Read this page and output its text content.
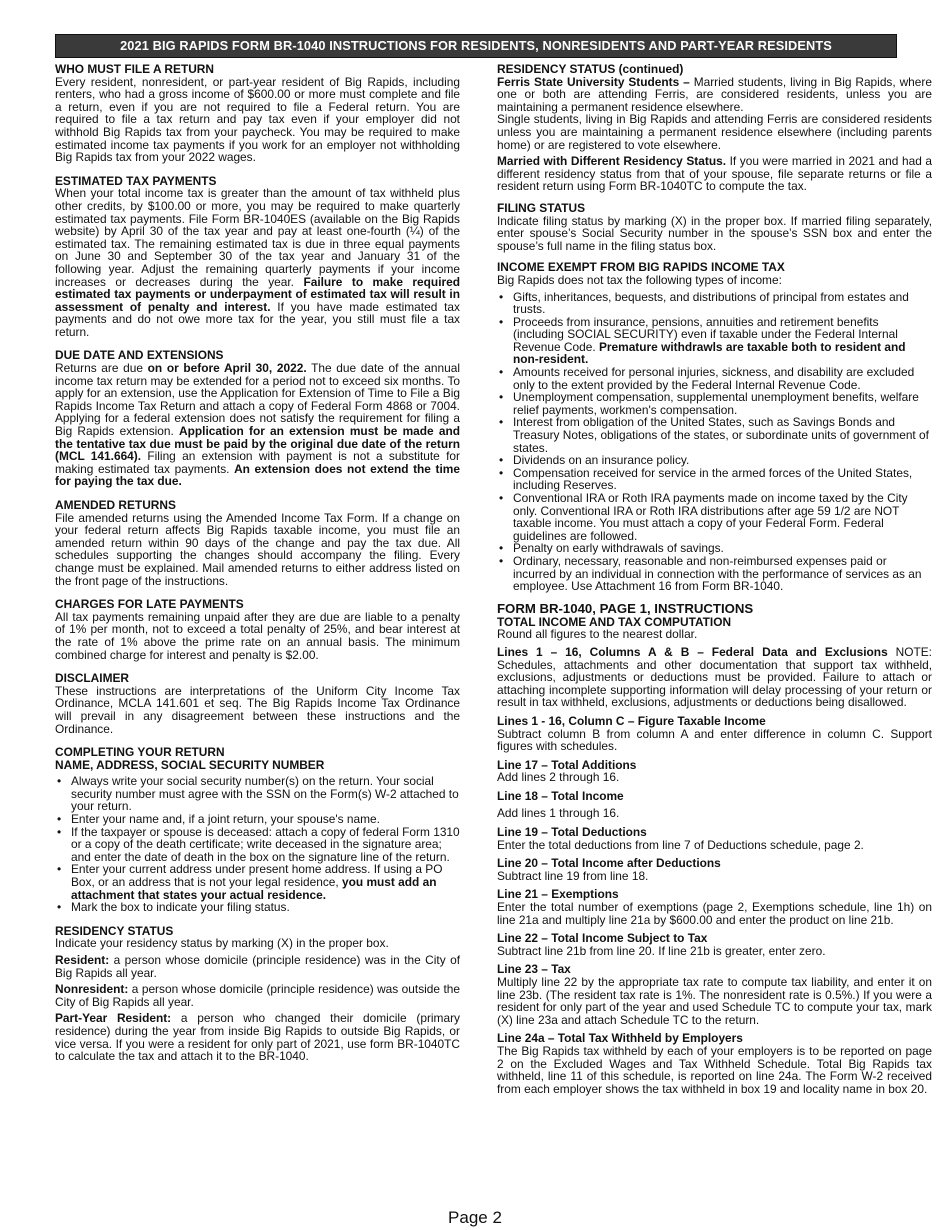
2021 BIG RAPIDS FORM BR-1040 INSTRUCTIONS FOR RESIDENTS, NONRESIDENTS AND PART-YEAR RESIDENTS
WHO MUST FILE A RETURN

Every resident, nonresident, or part-year resident of Big Rapids, including renters, who had a gross income of $600.00 or more must complete and file a return, even if you are not required to file a Federal return. You are required to file a tax return and pay tax even if your employer did not withhold Big Rapids tax from your paycheck. You may be required to make estimated income tax payments if you work for an employer not withholding Big Rapids tax from your 2022 wages.

ESTIMATED TAX PAYMENTS

When your total income tax is greater than the amount of tax withheld plus other credits, by $100.00 or more, you may be required to make quarterly estimated tax payments. File Form BR-1040ES (available on the Big Rapids website) by April 30 of the tax year and pay at least one-fourth (¼) of the estimated tax. The remaining estimated tax is due in three equal payments on June 30 and September 30 of the tax year and January 31 of the following year. Adjust the remaining quarterly payments if your income increases or decreases during the year. Failure to make required estimated tax payments or underpayment of estimated tax will result in assessment of penalty and interest. If you have made estimated tax payments and do not owe more tax for the year, you still must file a tax return.

DUE DATE AND EXTENSIONS

Returns are due on or before April 30, 2022. The due date of the annual income tax return may be extended for a period not to exceed six months. To apply for an extension, use the Application for Extension of Time to File a Big Rapids Income Tax Return and attach a copy of Federal Form 4868 or 7004. Applying for a federal extension does not satisfy the requirement for filing a Big Rapids extension. Application for an extension must be made and the tentative tax due must be paid by the original due date of the return (MCL 141.664). Filing an extension with payment is not a substitute for making estimated tax payments. An extension does not extend the time for paying the tax due.

AMENDED RETURNS

File amended returns using the Amended Income Tax Form. If a change on your federal return affects Big Rapids taxable income, you must file an amended return within 90 days of the change and pay the tax due. All schedules supporting the changes should accompany the filing. Every change must be explained. Mail amended returns to either address listed on the front page of the instructions.

CHARGES FOR LATE PAYMENTS

All tax payments remaining unpaid after they are due are liable to a penalty of 1% per month, not to exceed a total penalty of 25%, and bear interest at the rate of 1% above the prime rate on an annual basis. The minimum combined charge for interest and penalty is $2.00.

DISCLAIMER

These instructions are interpretations of the Uniform City Income Tax Ordinance, MCLA 141.601 et seq. The Big Rapids Income Tax Ordinance will prevail in any disagreement between these instructions and the Ordinance.

COMPLETING YOUR RETURN
NAME, ADDRESS, SOCIAL SECURITY NUMBER
• Always write your social security number(s) on the return. Your social security number must agree with the SSN on the Form(s) W-2 attached to your return.
• Enter your name and, if a joint return, your spouse's name.
• If the taxpayer or spouse is deceased: attach a copy of federal Form 1310 or a copy of the death certificate; write deceased in the signature area; and enter the date of death in the box on the signature line of the return.
• Enter your current address under present home address. If using a PO Box, or an address that is not your legal residence, you must add an attachment that states your actual residence.
• Mark the box to indicate your filing status.
RESIDENCY STATUS

Indicate your residency status by marking (X) in the proper box.

Resident: a person whose domicile (principle residence) was in the City of Big Rapids all year.

Nonresident: a person whose domicile (principle residence) was outside the City of Big Rapids all year.

Part-Year Resident: a person who changed their domicile (primary residence) during the year from inside Big Rapids to outside Big Rapids, or vice versa. If you were a resident for only part of 2021, use form BR-1040TC to calculate the tax and attach it to the BR-1040.

RESIDENCY STATUS (continued)

Ferris State University Students – Married students, living in Big Rapids, where one or both are attending Ferris, are considered residents, unless you are maintaining a permanent residence elsewhere.

Single students, living in Big Rapids and attending Ferris are considered residents unless you are maintaining a permanent residence elsewhere (including parents home) or are registered to vote elsewhere.

Married with Different Residency Status. If you were married in 2021 and had a different residency status from that of your spouse, file separate returns or file a resident return using Form BR-1040TC to compute the tax.

FILING STATUS

Indicate filing status by marking (X) in the proper box. If married filing separately, enter spouse’s Social Security number in the spouse’s SSN box and enter the spouse’s full name in the filing status box.

INCOME EXEMPT FROM BIG RAPIDS INCOME TAX

Big Rapids does not tax the following types of income:

• Gifts, inheritances, bequests, and distributions of principal from estates and trusts.
• Proceeds from insurance, pensions, annuities and retirement benefits (including SOCIAL SECURITY) even if taxable under the Federal Internal Revenue Code. Premature withdrawls are taxable both to resident and non-resident.
• Amounts received for personal injuries, sickness, and disability are excluded only to the extent provided by the Federal Internal Revenue Code.
• Unemployment compensation, supplemental unemployment benefits, welfare relief payments, workmen's compensation.
• Interest from obligation of the United States, such as Savings Bonds and Treasury Notes, obligations of the states, or subordinate units of government of states.
• Dividends on an insurance policy.
• Compensation received for service in the armed forces of the United States, including Reserves.
• Conventional IRA or Roth IRA payments made on income taxed by the City only. Conventional IRA or Roth IRA distributions after age 59 1/2 are NOT taxable income. You must attach a copy of your Federal Form. Federal guidelines are followed.
• Penalty on early withdrawals of savings.
• Ordinary, necessary, reasonable and non-reimbursed expenses paid or incurred by an individual in connection with the performance of services as an employee. Use Attachment 16 from Form BR-1040.
FORM BR-1040, PAGE 1, INSTRUCTIONS
TOTAL INCOME AND TAX COMPUTATION

Round all figures to the nearest dollar.

Lines 1 – 16, Columns A & B – Federal Data and Exclusions NOTE: Schedules, attachments and other documentation that support tax withheld, exclusions, adjustments or deductions must be provided. Failure to attach or attaching incomplete supporting information will delay processing of your return or result in tax withheld, exclusions, adjustments or deductions being disallowed.

Lines 1 - 16, Column C – Figure Taxable Income

Subtract column B from column A and enter difference in column C. Support figures with schedules.

Line 17 – Total Additions

Add lines 2 through 16.

Line 18 – Total Income

Add lines 1 through 16.

Line 19 – Total Deductions

Enter the total deductions from line 7 of Deductions schedule, page 2.

Line 20 – Total Income after Deductions

Subtract line 19 from line 18.

Line 21 – Exemptions

Enter the total number of exemptions (page 2, Exemptions schedule, line 1h) on line 21a and multiply line 21a by $600.00 and enter the product on line 21b.

Line 22 – Total Income Subject to Tax

Subtract line 21b from line 20. If line 21b is greater, enter zero.

Line 23 – Tax

Multiply line 22 by the appropriate tax rate to compute tax liability, and enter it on line 23b. (The resident tax rate is 1%. The nonresident rate is 0.5%.) If you were a resident for only part of the year and used Schedule TC to compute your tax, mark (X) line 23a and attach Schedule TC to the return.

Line 24a – Total Tax Withheld by Employers

The Big Rapids tax withheld by each of your employers is to be reported on page 2 on the Excluded Wages and Tax Withheld Schedule. Total Big Rapids tax withheld, line 11 of this schedule, is reported on line 24a. The Form W-2 received from each employer shows the tax withheld in box 19 and locality name in box 20.

Page 2
